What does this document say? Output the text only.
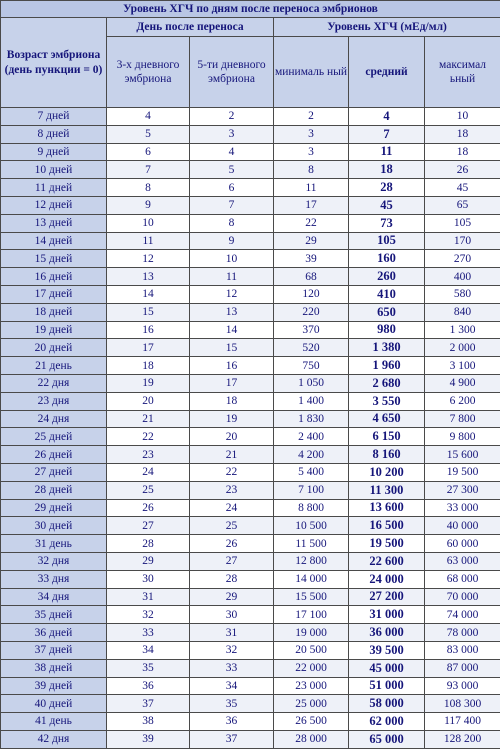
Уровень ХГЧ по дням после переноса эмбрионов					
Возраст эмбриона (день пункции = 0)	День после переноса		Уровень ХГЧ (мЕд/мл)		
	3-х дневного эмбриона	5-ти дневного эмбриона	минималь ный	средний	максимал ьный
7 дней	4	2	2	4	10
8 дней	5	3	3	7	18
9 дней	6	4	3	11	18
10 дней	7	5	8	18	26
11 дней	8	6	11	28	45
12 дней	9	7	17	45	65
13 дней	10	8	22	73	105
14 дней	11	9	29	105	170
15 дней	12	10	39	160	270
16 дней	13	11	68	260	400
17 дней	14	12	120	410	580
18 дней	15	13	220	650	840
19 дней	16	14	370	980	1 300
20 дней	17	15	520	1 380	2 000
21 день	18	16	750	1 960	3 100
22 дня	19	17	1 050	2 680	4 900
23 дня	20	18	1 400	3 550	6 200
24 дня	21	19	1 830	4 650	7 800
25 дней	22	20	2 400	6 150	9 800
26 дней	23	21	4 200	8 160	15 600
27 дней	24	22	5 400	10 200	19 500
28 дней	25	23	7 100	11 300	27 300
29 дней	26	24	8 800	13 600	33 000
30 дней	27	25	10 500	16 500	40 000
31 день	28	26	11 500	19 500	60 000
32 дня	29	27	12 800	22 600	63 000
33 дня	30	28	14 000	24 000	68 000
34 дня	31	29	15 500	27 200	70 000
35 дней	32	30	17 100	31 000	74 000
36 дней	33	31	19 000	36 000	78 000
37 дней	34	32	20 500	39 500	83 000
38 дней	35	33	22 000	45 000	87 000
39 дней	36	34	23 000	51 000	93 000
40 дней	37	35	25 000	58 000	108 300
41 день	38	36	26 500	62 000	117 400
42 дня	39	37	28 000	65 000	128 200
